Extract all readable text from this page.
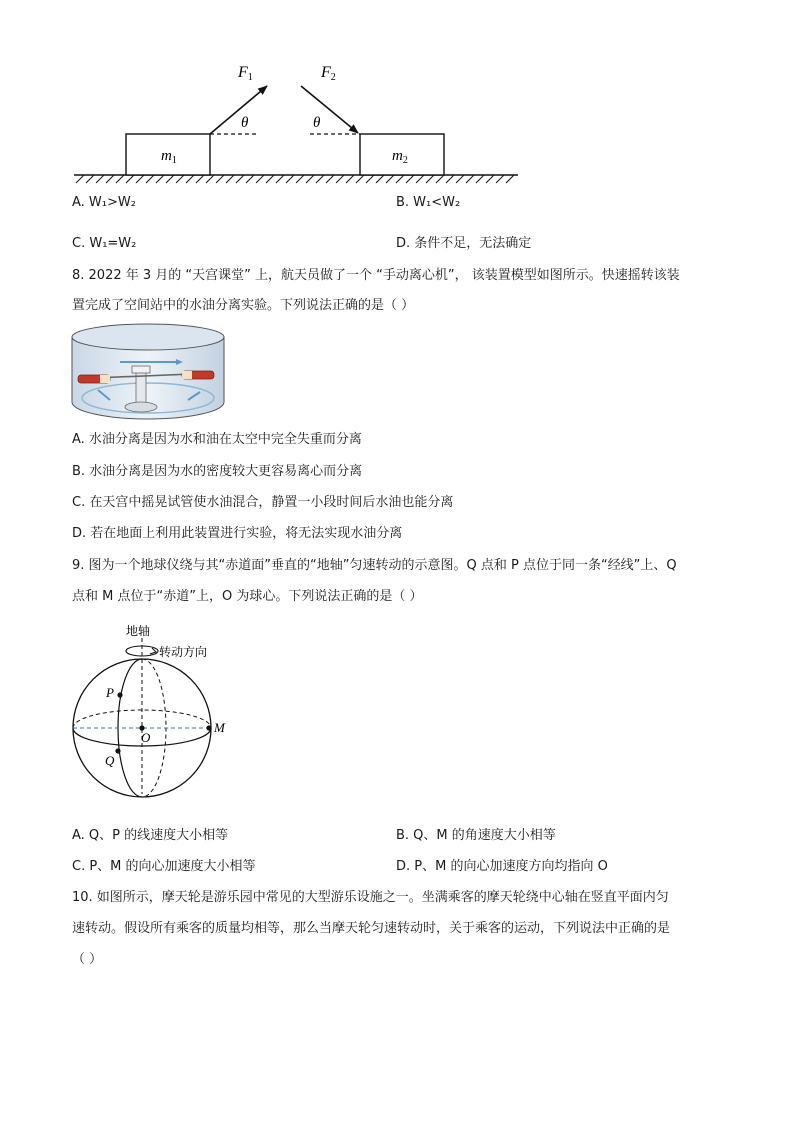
$m_1$	$m_2$
θ
F1
θ
F2
A. W₁>W₂	B. W₁<W₂
C. W₁=W₂	D. 条件不足，无法确定
8. 2022 年 3 月的 “天宫课堂” 上，航天员做了一个 “手动离心机”， 该装置模型如图所示。快速摇转该装
置完成了空间站中的水油分离实验。下列说法正确的是（ ）
A. 水油分离是因为水和油在太空中完全失重而分离
B. 水油分离是因为水的密度较大更容易离心而分离
C. 在天宫中摇晃试管使水油混合，静置一小段时间后水油也能分离
D. 若在地面上利用此装置进行实验，将无法实现水油分离
9. 图为一个地球仪绕与其“赤道面”垂直的“地轴”匀速转动的示意图。Q 点和 P 点位于同一条“经线”上、Q
点和 M 点位于“赤道”上，O 为球心。下列说法正确的是（ ）
地轴
转动方向
P
Q
M
O
A. Q、P 的线速度大小相等	B. Q、M 的角速度大小相等
C. P、M 的向心加速度大小相等	D. P、M 的向心加速度方向均指向 O
10. 如图所示，摩天轮是游乐园中常见的大型游乐设施之一。坐满乘客的摩天轮绕中心轴在竖直平面内匀
速转动。假设所有乘客的质量均相等，那么当摩天轮匀速转动时，关于乘客的运动，下列说法中正确的是
（ ）
